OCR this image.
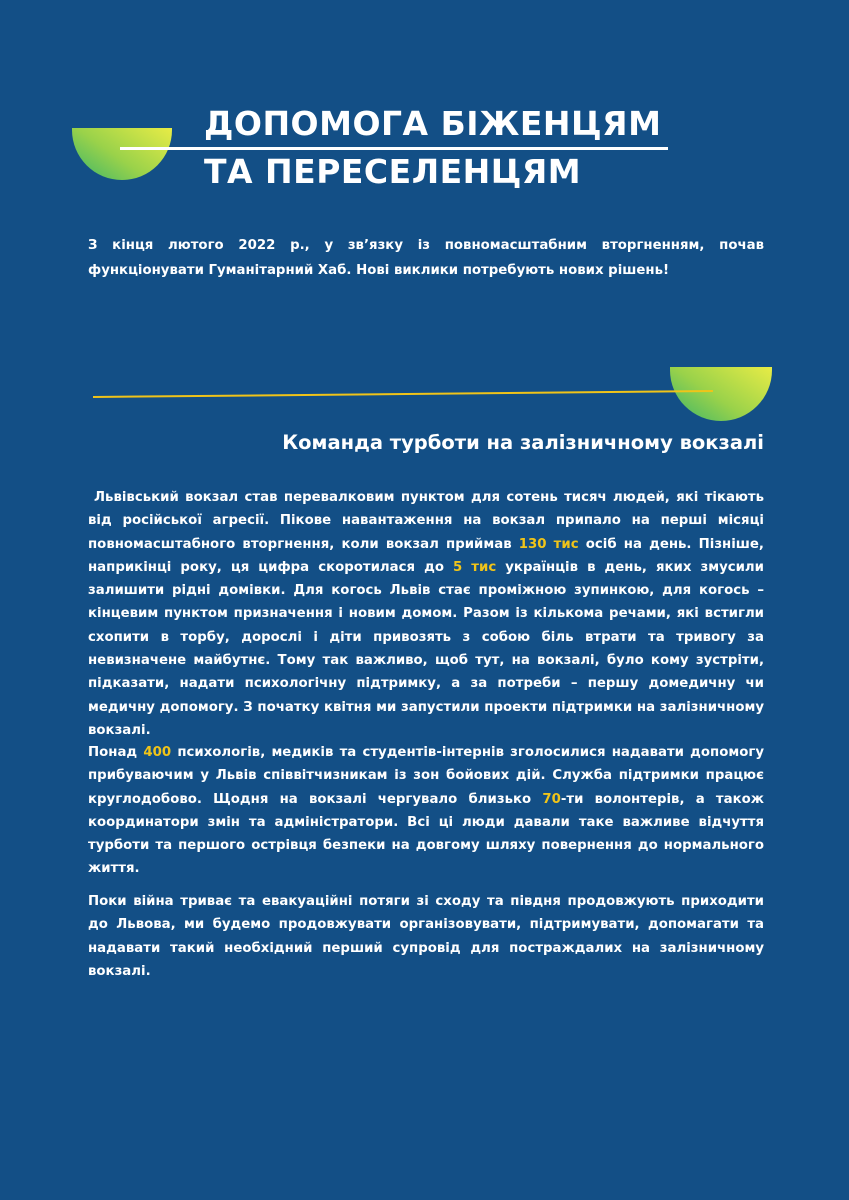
ДОПОМОГА БІЖЕНЦЯМ
ТА ПЕРЕСЕЛЕНЦЯМ

З кінця лютого 2022 р., у зв’язку із повномасштабним вторгненням, почав функціонувати Гуманітарний Хаб. Нові виклики потребують нових рішень!

Команда турботи на залізничному вокзалі

Львівський вокзал став перевалковим пунктом для сотень тисяч людей, які тікають від російської агресії. Пікове навантаження на вокзал припало на перші місяці повномасштабного вторгнення, коли вокзал приймав 130 тис осіб на день. Пізніше, наприкінці року, ця цифра скоротилася до 5 тис українців в день, яких змусили залишити рідні домівки. Для когось Львів стає проміжною зупинкою, для когось – кінцевим пунктом призначення і новим домом. Разом із кількома речами, які встигли схопити в торбу, дорослі і діти привозять з собою біль втрати та тривогу за невизначене майбутнє. Тому так важливо, щоб тут, на вокзалі, було кому зустріти, підказати, надати психологічну підтримку, а за потреби – першу домедичну чи медичну допомогу. З початку квітня ми запустили проекти підтримки на залізничному вокзалі.

Понад 400 психологів, медиків та студентів-інтернів зголосилися надавати допомогу прибуваючим у Львів співвітчизникам із зон бойових дій. Служба підтримки працює круглодобово. Щодня на вокзалі чергувало близько 70-ти волонтерів, а також координатори змін та адміністратори. Всі ці люди давали таке важливе відчуття турботи та першого острівця безпеки на довгому шляху повернення до нормального життя.

Поки війна триває та евакуаційні потяги зі сходу та півдня продовжують приходити до Львова, ми будемо продовжувати організовувати, підтримувати, допомагати та надавати такий необхідний перший супровід для постраждалих на залізничному вокзалі.
